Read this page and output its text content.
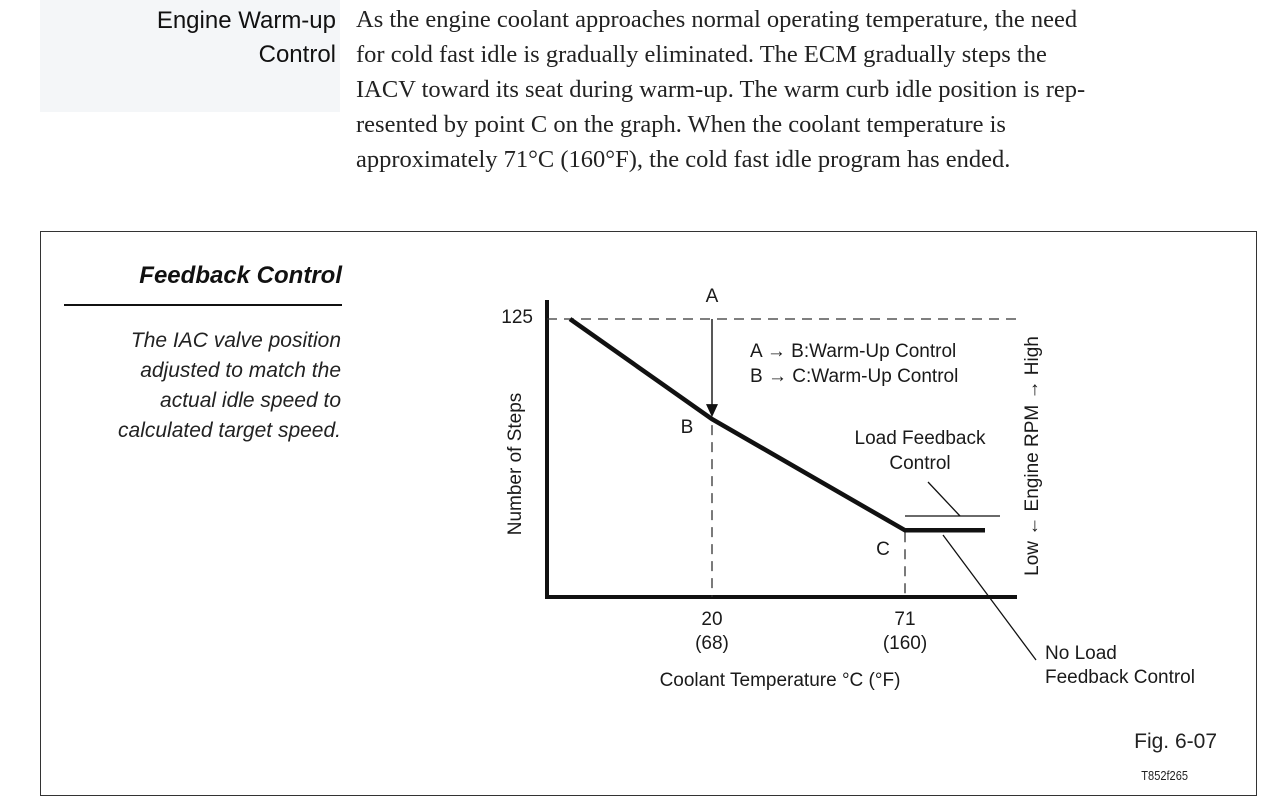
Engine Warm-up
Control
As the engine coolant approaches normal operating temperature, the need
for cold fast idle is gradually eliminated. The ECM gradually steps the
IACV toward its seat during warm-up. The warm curb idle position is rep-
resented by point C on the graph. When the coolant temperature is
approximately 71°C (160°F), the cold fast idle program has ended.
Feedback Control
The IAC valve position
adjusted to match the
actual idle speed to
calculated target speed.
125
20
(68)
71
(160)
Coolant Temperature °C (°F)
Number of Steps	Low ← Engine RPM → High
A
B
C
A → B:Warm-Up Control
B → C:Warm-Up Control
Load Feedback
Control
No Load
Feedback Control
Fig. 6-07
T852f265
